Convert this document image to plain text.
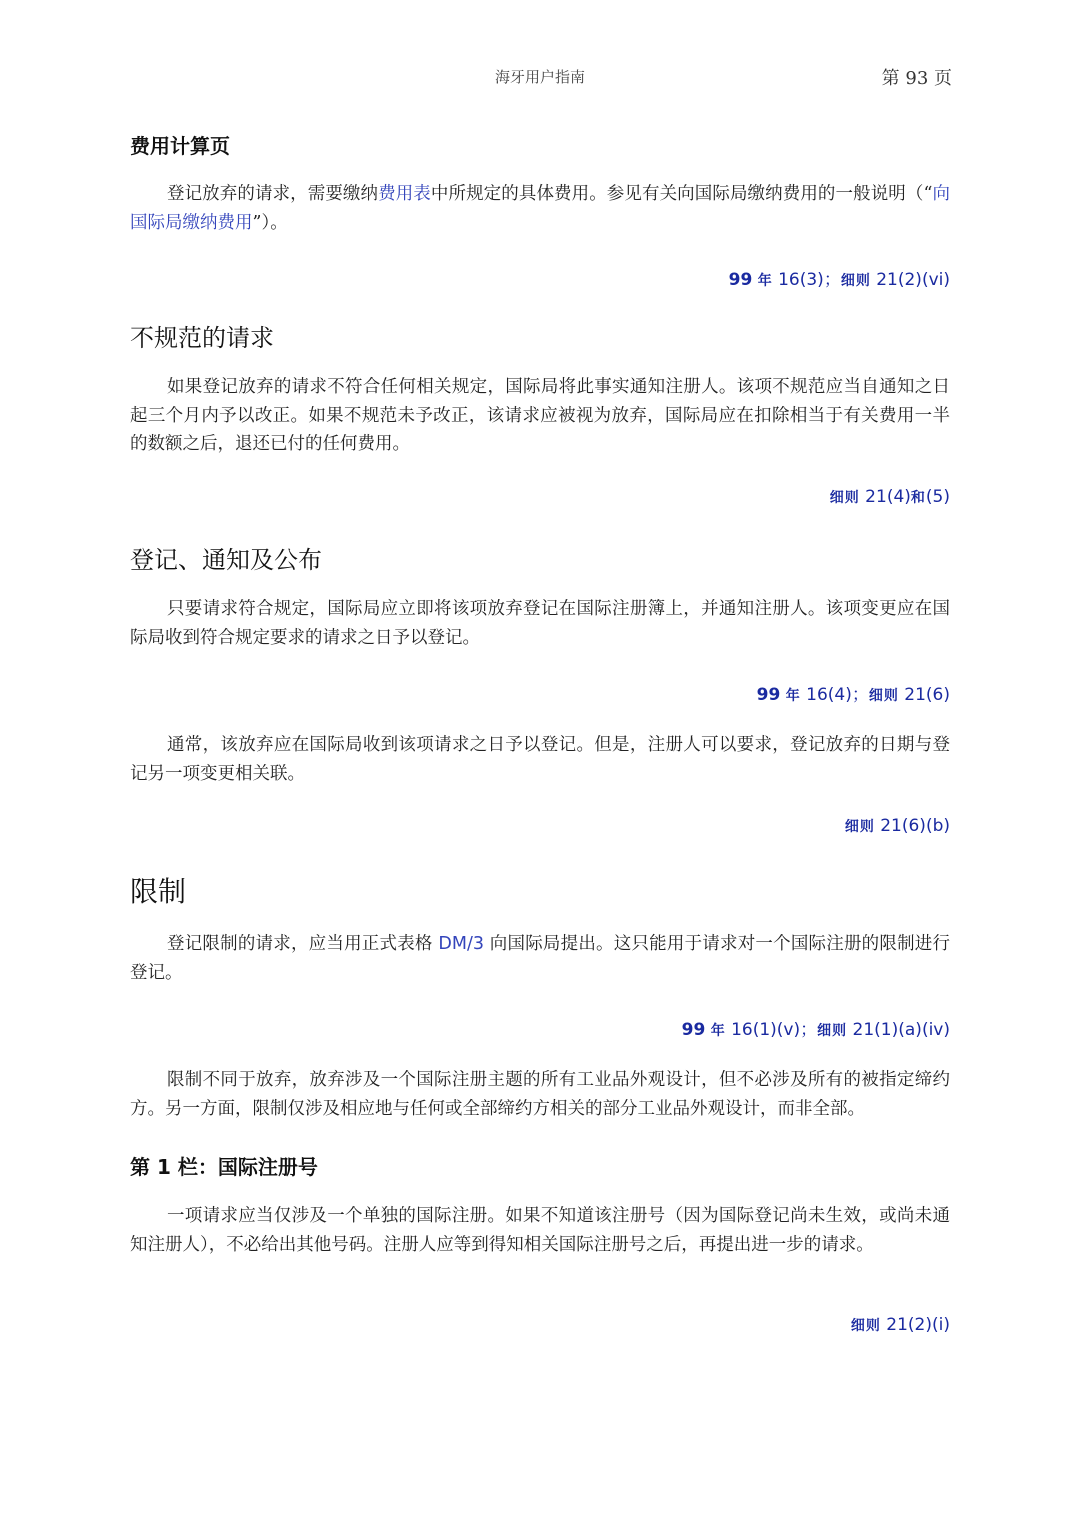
海牙用户指南	第 93 页
费用计算页

登记放弃的请求，需要缴纳费用表中所规定的具体费用。参见有关向国际局缴纳费用的一般说明（“向国际局缴纳费用”）。

99 年 16(3)；细则 21(2)(vi)
不规范的请求

如果登记放弃的请求不符合任何相关规定，国际局将此事实通知注册人。该项不规范应当自通知之日起三个月内予以改正。如果不规范未予改正，该请求应被视为放弃，国际局应在扣除相当于有关费用一半的数额之后，退还已付的任何费用。

细则 21(4)和(5)
登记、通知及公布

只要请求符合规定，国际局应立即将该项放弃登记在国际注册簿上，并通知注册人。该项变更应在国际局收到符合规定要求的请求之日予以登记。

99 年 16(4)；细则 21(6)

通常，该放弃应在国际局收到该项请求之日予以登记。但是，注册人可以要求，登记放弃的日期与登记另一项变更相关联。

细则 21(6)(b)
限制

登记限制的请求，应当用正式表格 DM/3 向国际局提出。这只能用于请求对一个国际注册的限制进行登记。

99 年 16(1)(v)；细则 21(1)(a)(iv)

限制不同于放弃，放弃涉及一个国际注册主题的所有工业品外观设计，但不必涉及所有的被指定缔约方。另一方面，限制仅涉及相应地与任何或全部缔约方相关的部分工业品外观设计，而非全部。

第 1 栏：国际注册号

一项请求应当仅涉及一个单独的国际注册。如果不知道该注册号（因为国际登记尚未生效，或尚未通知注册人），不必给出其他号码。注册人应等到得知相关国际注册号之后，再提出进一步的请求。

细则 21(2)(i)
